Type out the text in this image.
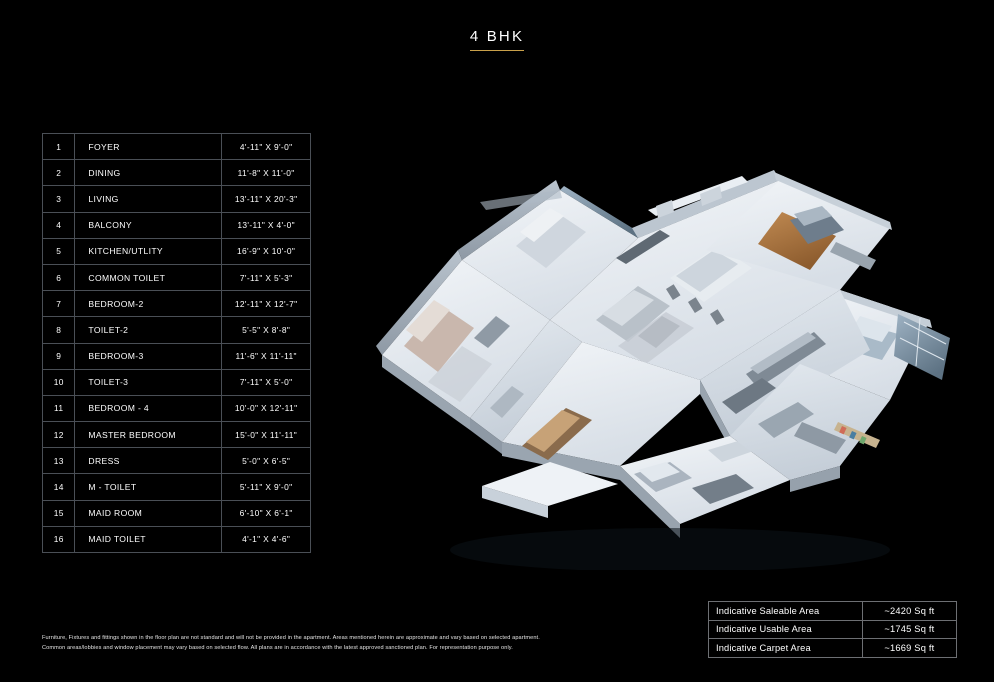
4 BHK
1	FOYER	4'-11" X 9'-0"
2	DINING	11'-8" X 11'-0"
3	LIVING	13'-11" X 20'-3"
4	BALCONY	13'-11" X 4'-0"
5	KITCHEN/UTLITY	16'-9" X 10'-0"
6	COMMON TOILET	7'-11" X 5'-3"
7	BEDROOM-2	12'-11" X 12'-7"
8	TOILET-2	5'-5" X 8'-8"
9	BEDROOM-3	11'-6" X 11'-11"
10	TOILET-3	7'-11" X 5'-0"
11	BEDROOM - 4	10'-0" X 12'-11"
12	MASTER BEDROOM	15'-0" X 11'-11"
13	DRESS	5'-0" X 6'-5"
14	M - TOILET	5'-11" X 9'-0"
15	MAID ROOM	6'-10" X 6'-1"
16	MAID TOILET	4'-1" X 4'-6"
Indicative Saleable Area	~2420 Sq ft
Indicative Usable Area	~1745 Sq ft
Indicative Carpet Area	~1669 Sq ft
Furniture, Fixtures and fittings shown in the floor plan are not standard and will not be provided in the apartment. Areas mentioned herein are approximate and vary based on selected apartment.
Common areas/lobbies and window placement may vary based on selected flow. All plans are in accordance with the latest approved sanctioned plan. For representation purpose only.
